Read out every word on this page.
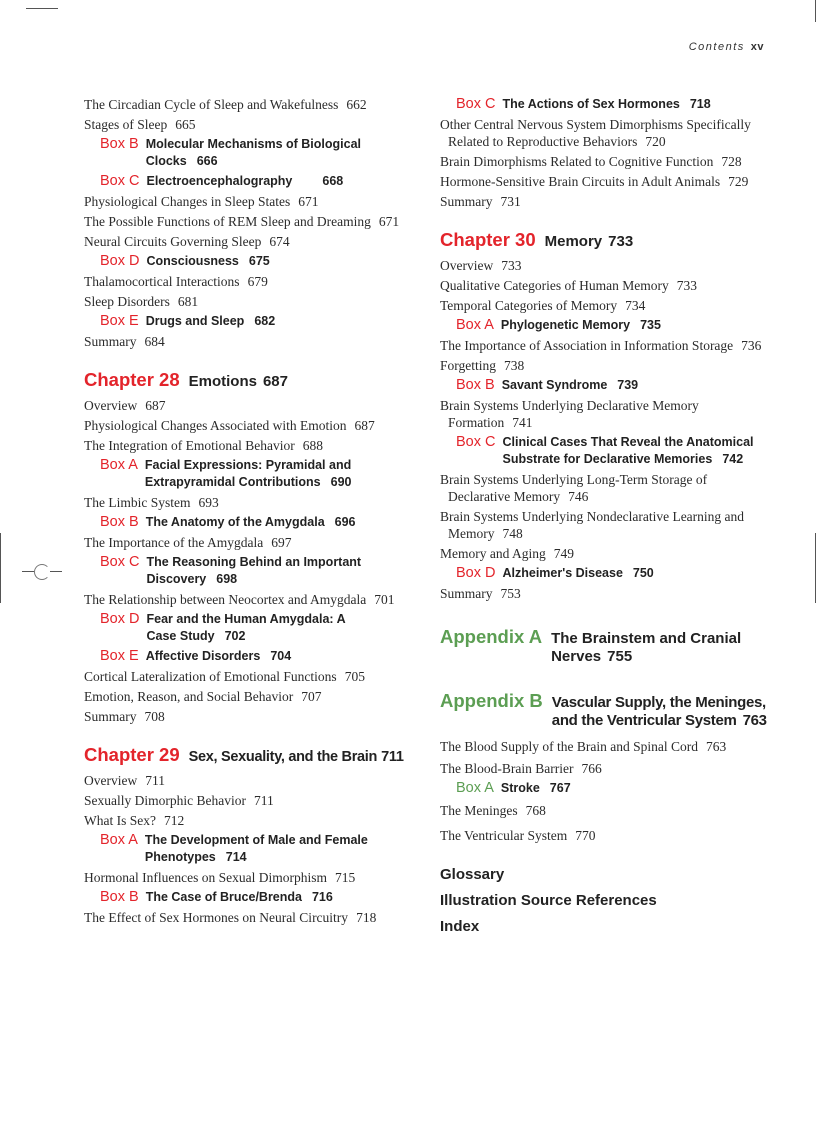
Contents xv

The Circadian Cycle of Sleep and Wakefulness 662

Stages of Sleep 665

Box B Molecular Mechanisms of Biological Clocks 666
Box C Electroencephalography 668

Physiological Changes in Sleep States 671

The Possible Functions of REM Sleep and Dreaming 671

Neural Circuits Governing Sleep 674

Box D Consciousness 675

Thalamocortical Interactions 679

Sleep Disorders 681

Box E Drugs and Sleep 682

Summary 684

Chapter 28 Emotions 687

Overview 687

Physiological Changes Associated with Emotion 687

The Integration of Emotional Behavior 688

Box A Facial Expressions: Pyramidal and Extrapyramidal Contributions 690

The Limbic System 693

Box B The Anatomy of the Amygdala 696

The Importance of the Amygdala 697

Box C The Reasoning Behind an Important Discovery 698

The Relationship between Neocortex and Amygdala 701

Box D Fear and the Human Amygdala: A Case Study 702
Box E Affective Disorders 704

Cortical Lateralization of Emotional Functions 705

Emotion, Reason, and Social Behavior 707

Summary 708

Chapter 29 Sex, Sexuality, and the Brain 711

Overview 711

Sexually Dimorphic Behavior 711

What Is Sex? 712

Box A The Development of Male and Female Phenotypes 714

Hormonal Influences on Sexual Dimorphism 715

Box B The Case of Bruce/Brenda 716

The Effect of Sex Hormones on Neural Circuitry 718

Box C The Actions of Sex Hormones 718

Other Central Nervous System Dimorphisms Specifically Related to Reproductive Behaviors 720

Brain Dimorphisms Related to Cognitive Function 728

Hormone-Sensitive Brain Circuits in Adult Animals 729

Summary 731

Chapter 30 Memory 733

Overview 733

Qualitative Categories of Human Memory 733

Temporal Categories of Memory 734

Box A Phylogenetic Memory 735

The Importance of Association in Information Storage 736

Forgetting 738

Box B Savant Syndrome 739

Brain Systems Underlying Declarative Memory Formation 741

Box C Clinical Cases That Reveal the Anatomical Substrate for Declarative Memories 742

Brain Systems Underlying Long-Term Storage of Declarative Memory 746

Brain Systems Underlying Nondeclarative Learning and Memory 748

Memory and Aging 749

Box D Alzheimer's Disease 750

Summary 753

Appendix A The Brainstem and Cranial Nerves 755
Appendix B Vascular Supply, the Meninges, and the Ventricular System 763

The Blood Supply of the Brain and Spinal Cord 763

The Blood-Brain Barrier 766

Box A Stroke 767

The Meninges 768

The Ventricular System 770

Glossary
Illustration Source References
Index
